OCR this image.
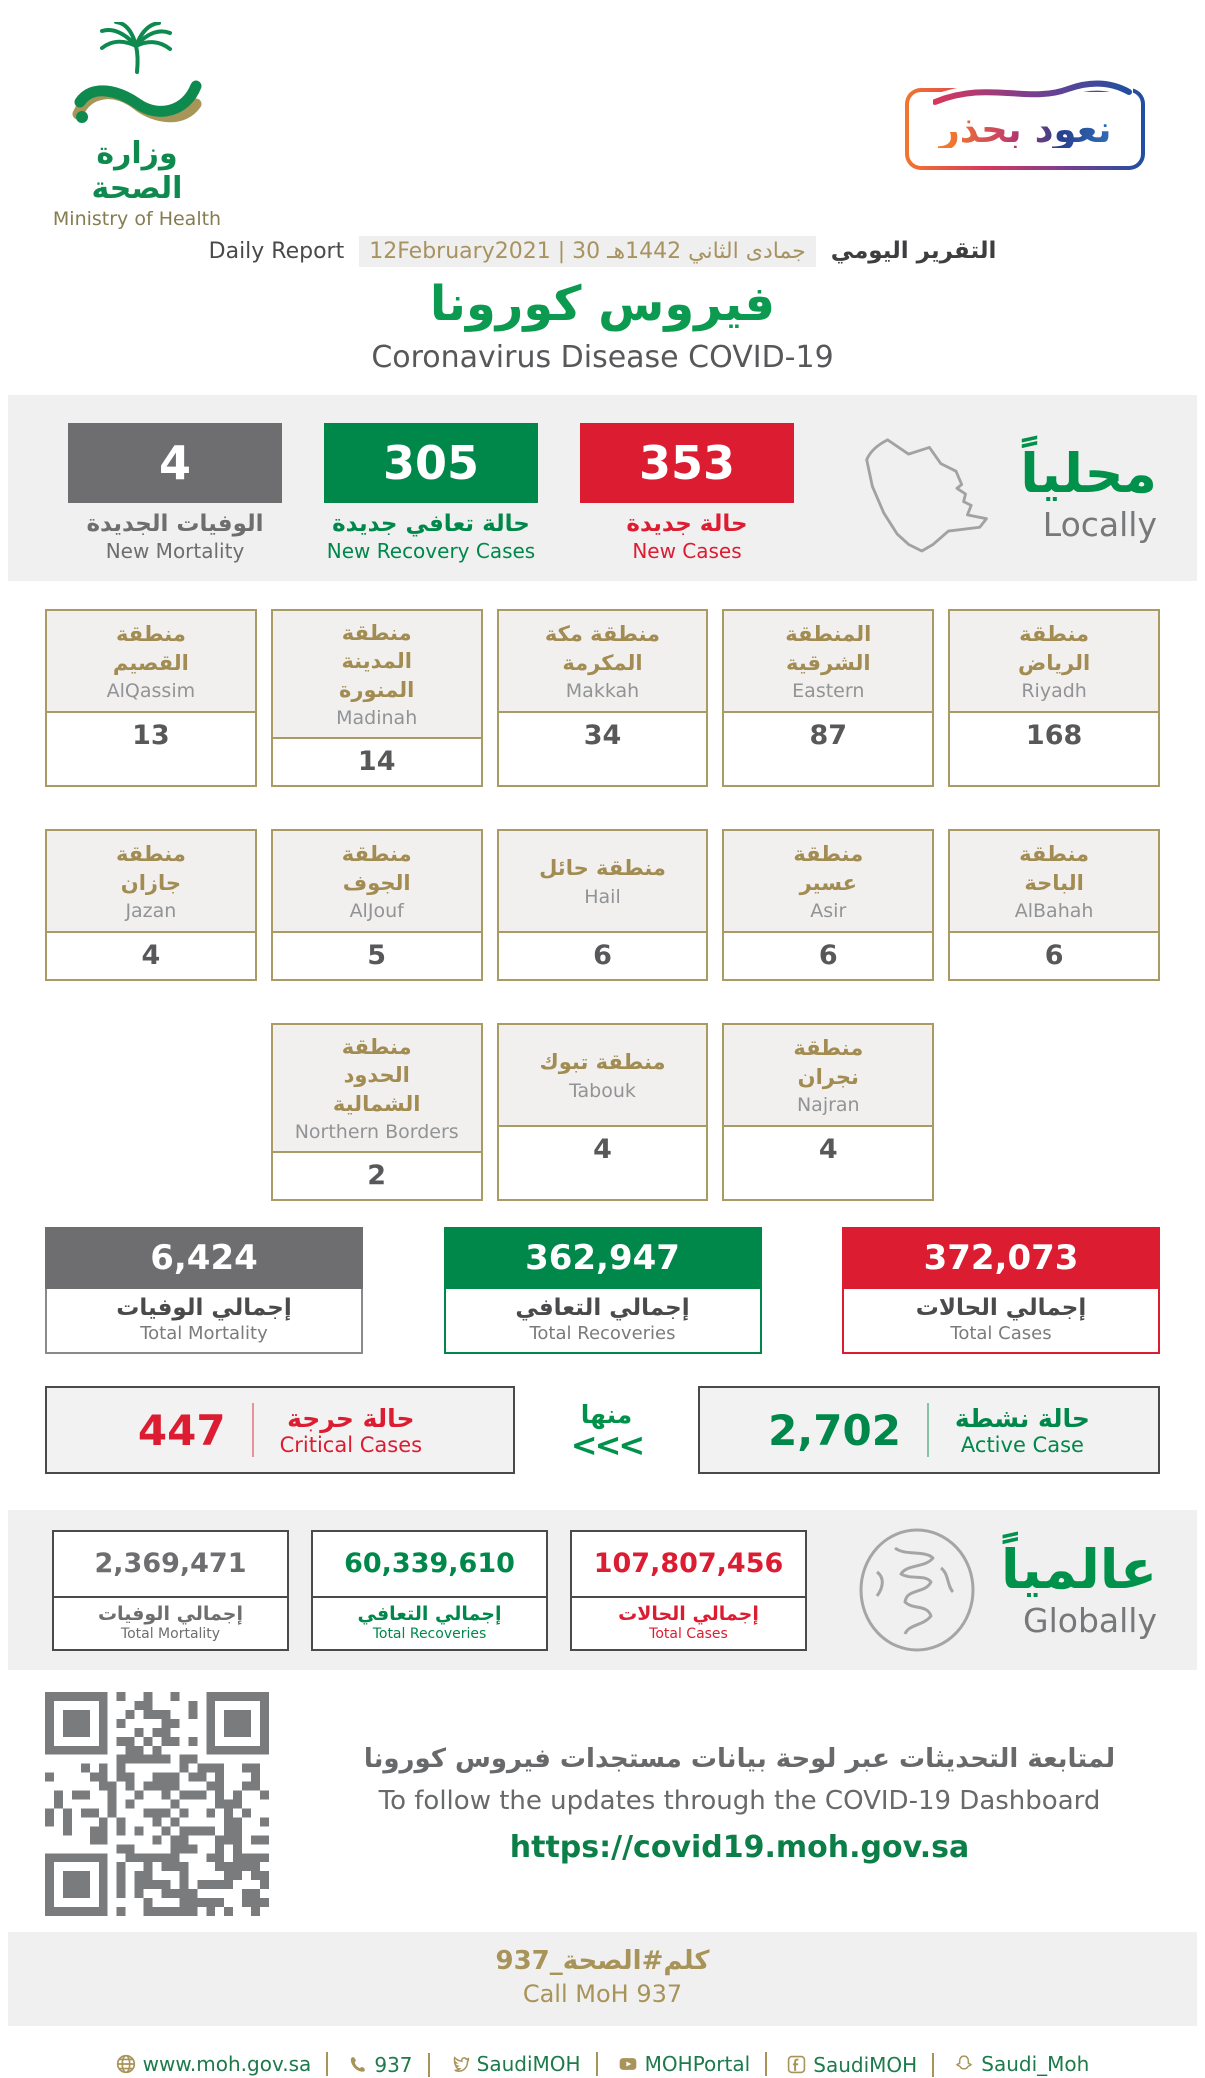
وزارة الصحة
Ministry of Health
نعود بحذر
Daily Report 12February2021 | 30 جمادى الثاني 1442هـ التقرير اليومي
فيروس كورونا
Coronavirus Disease COVID-19
4
الوفيات الجديدة
New Mortality
305
حالة تعافي جديدة
New Recovery Cases
353
حالة جديدة
New Cases
محلياً
Locally
منطقة القصيم
AlQassim
13
منطقة المدينة المنورة
Madinah
14
منطقة مكة المكرمة
Makkah
34
المنطقة الشرقية
Eastern
87
منطقة الرياض
Riyadh
168
منطقة جازان
Jazan
4
منطقة الجوف
AlJouf
5
منطقة حائل
Hail
6
منطقة عسير
Asir
6
منطقة الباحة
AlBahah
6
منطقة الحدود الشمالية
Northern Borders
2
منطقة تبوك
Tabouk
4
منطقة نجران
Najran
4
6,424
إجمالي الوفيات
Total Mortality
362,947
إجمالي التعافي
Total Recoveries
372,073
إجمالي الحالات
Total Cases
447	حالة حرجة
Critical Cases
منها
<<<	2,702 حالة نشطة
Active Case
2,369,471
إجمالي الوفيات
Total Mortality
60,339,610
إجمالي التعافي
Total Recoveries
107,807,456
إجمالي الحالات
Total Cases
عالمياً
Globally
لمتابعة التحديثات عبر لوحة بيانات مستجدات فيروس كورونا
To follow the updates through the COVID-19 Dashboard
https://covid19.moh.gov.sa
كلم#الصحة_937
Call MoH 937
www.moh.gov.sa
	937
	SaudiMOH
	MOHPortal
	SaudiMOH
	Saudi_Moh
